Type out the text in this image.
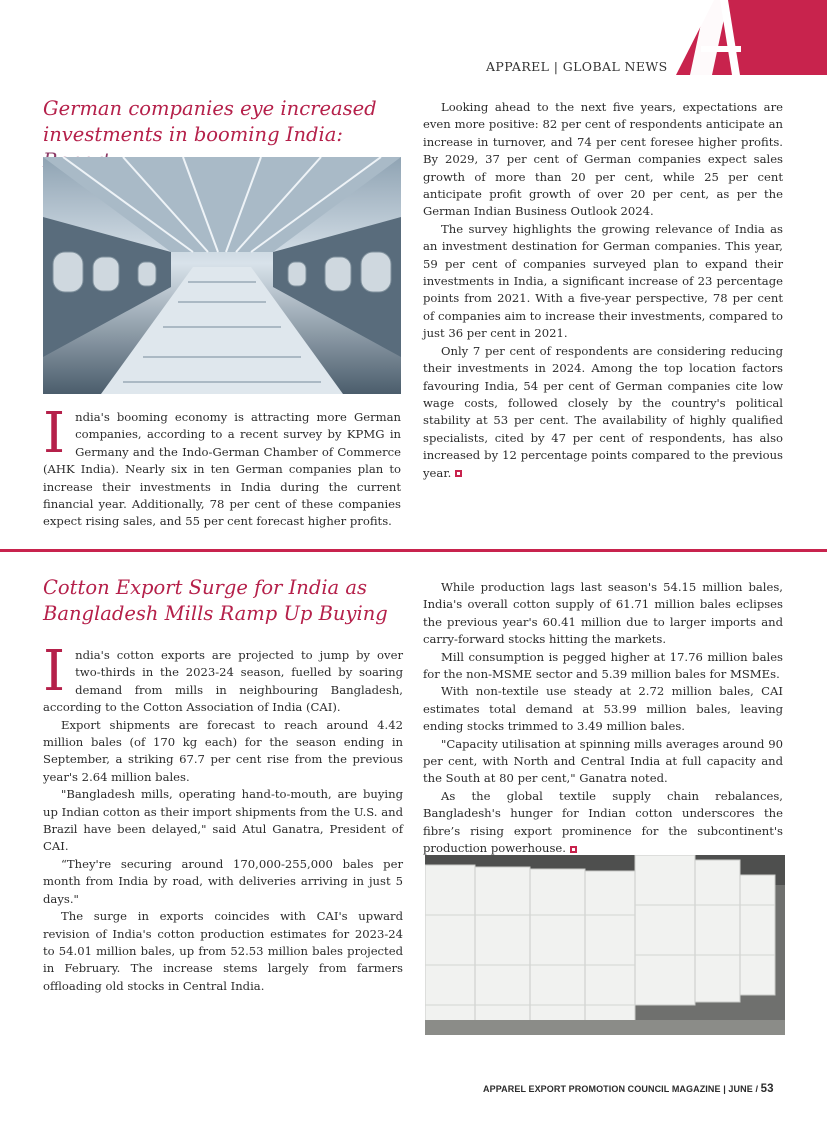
APPAREL | GLOBAL NEWS
German companies eye increased investments in booming India:

India's booming economy is attracting more German companies, according to a recent survey by KPMG in Germany and the Indo-German Chamber of Commerce (AHK India). Nearly six in ten German companies plan to increase their investments in India during the current financial year. Additionally, 78 per cent of these companies expect rising sales, and 55 per cent forecast higher profits.

Looking ahead to the next five years, expectations are even more positive: 82 per cent of respondents anticipate an increase in turnover, and 74 per cent foresee higher profits. By 2029, 37 per cent of German companies expect sales growth of more than 20 per cent, while 25 per cent anticipate profit growth of over 20 per cent, as per the German Indian Business Outlook 2024.

The survey highlights the growing relevance of India as an investment destination for German companies. This year, 59 per cent of companies surveyed plan to expand their investments in India, a significant increase of 23 percentage points from 2021. With a five-year perspective, 78 per cent of companies aim to increase their investments, compared to just 36 per cent in 2021.

Only 7 per cent of respondents are considering reducing their investments in 2024. Among the top location factors favouring India, 54 per cent of German companies cite low wage costs, followed closely by the country's political stability at 53 per cent. The availability of highly qualified specialists, cited by 47 per cent of respondents, has also increased by 12 percentage points compared to the previous year.

Cotton Export Surge for India as Bangladesh Mills Ramp Up Buying

India's cotton exports are projected to jump by over two-thirds in the 2023-24 season, fuelled by soaring demand from mills in neighbouring Bangladesh, according to the Cotton Association of India (CAI).

Export shipments are forecast to reach around 4.42 million bales (of 170 kg each) for the season ending in September, a striking 67.7 per cent rise from the previous year's 2.64 million bales.

"Bangladesh mills, operating hand-to-mouth, are buying up Indian cotton as their import shipments from the U.S. and Brazil have been delayed," said Atul Ganatra, President of CAI.

“They're securing around 170,000-255,000 bales per month from India by road, with deliveries arriving in just 5 days."

The surge in exports coincides with CAI's upward revision of India's cotton production estimates for 2023-24 to 54.01 million bales, up from 52.53 million bales projected in February. The increase stems largely from farmers offloading old stocks in Central India.

While production lags last season's 54.15 million bales, India's overall cotton supply of 61.71 million bales eclipses the previous year's 60.41 million due to larger imports and carry-forward stocks hitting the markets.

Mill consumption is pegged higher at 17.76 million bales for the non-MSME sector and 5.39 million bales for MSMEs.

With non-textile use steady at 2.72 million bales, CAI estimates total demand at 53.99 million bales, leaving ending stocks trimmed to 3.49 million bales.

"Capacity utilisation at spinning mills averages around 90 per cent, with North and Central India at full capacity and the South at 80 per cent," Ganatra noted.

As the global textile supply chain rebalances, Bangladesh's hunger for Indian cotton underscores the fibre’s rising export prominence for the subcontinent's production powerhouse.

APPAREL EXPORT PROMOTION COUNCIL MAGAZINE | JUNE / 53
